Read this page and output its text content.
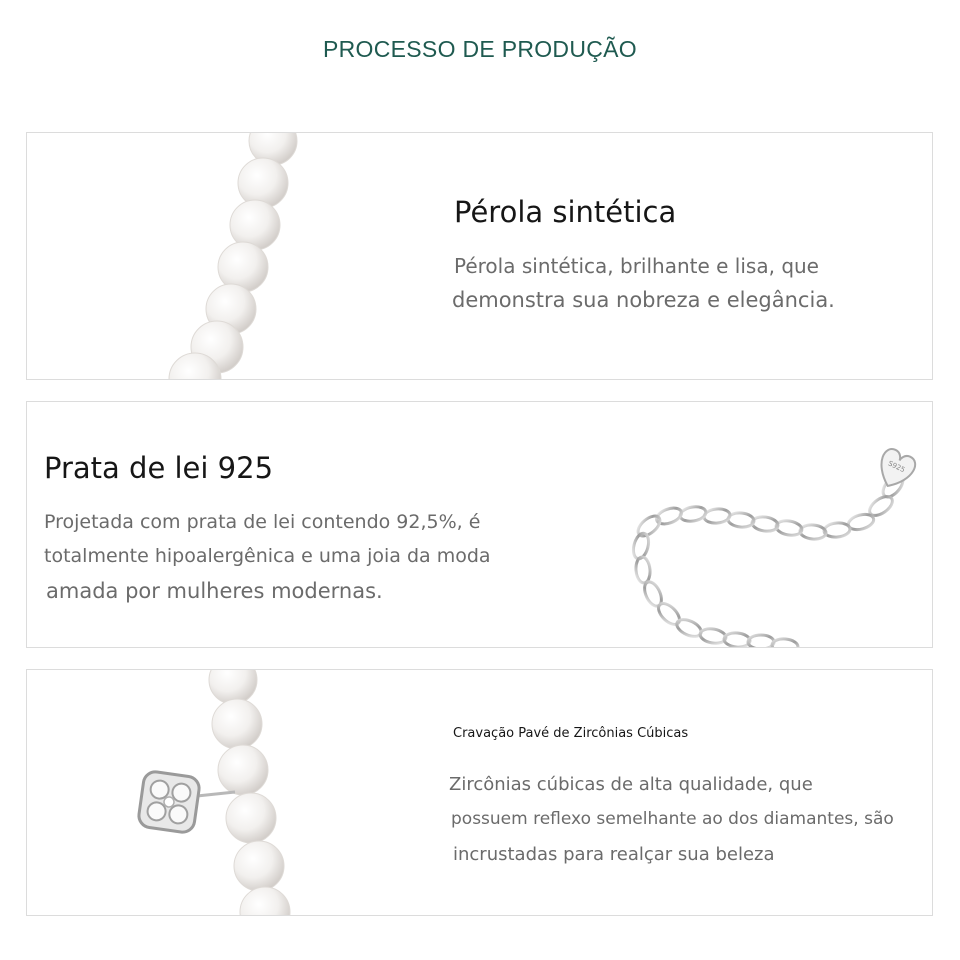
PROCESSO DE PRODUÇÃO
Pérola sintética
Pérola sintética, brilhante e lisa, que
demonstra sua nobreza e elegância.
Prata de lei 925
Projetada com prata de lei contendo 92,5%, é
totalmente hipoalergênica e uma joia da moda
amada por mulheres modernas.
S925
Cravação Pavé de Zircônias Cúbicas
Zircônias cúbicas de alta qualidade, que
possuem reflexo semelhante ao dos diamantes, são
incrustadas para realçar sua beleza
